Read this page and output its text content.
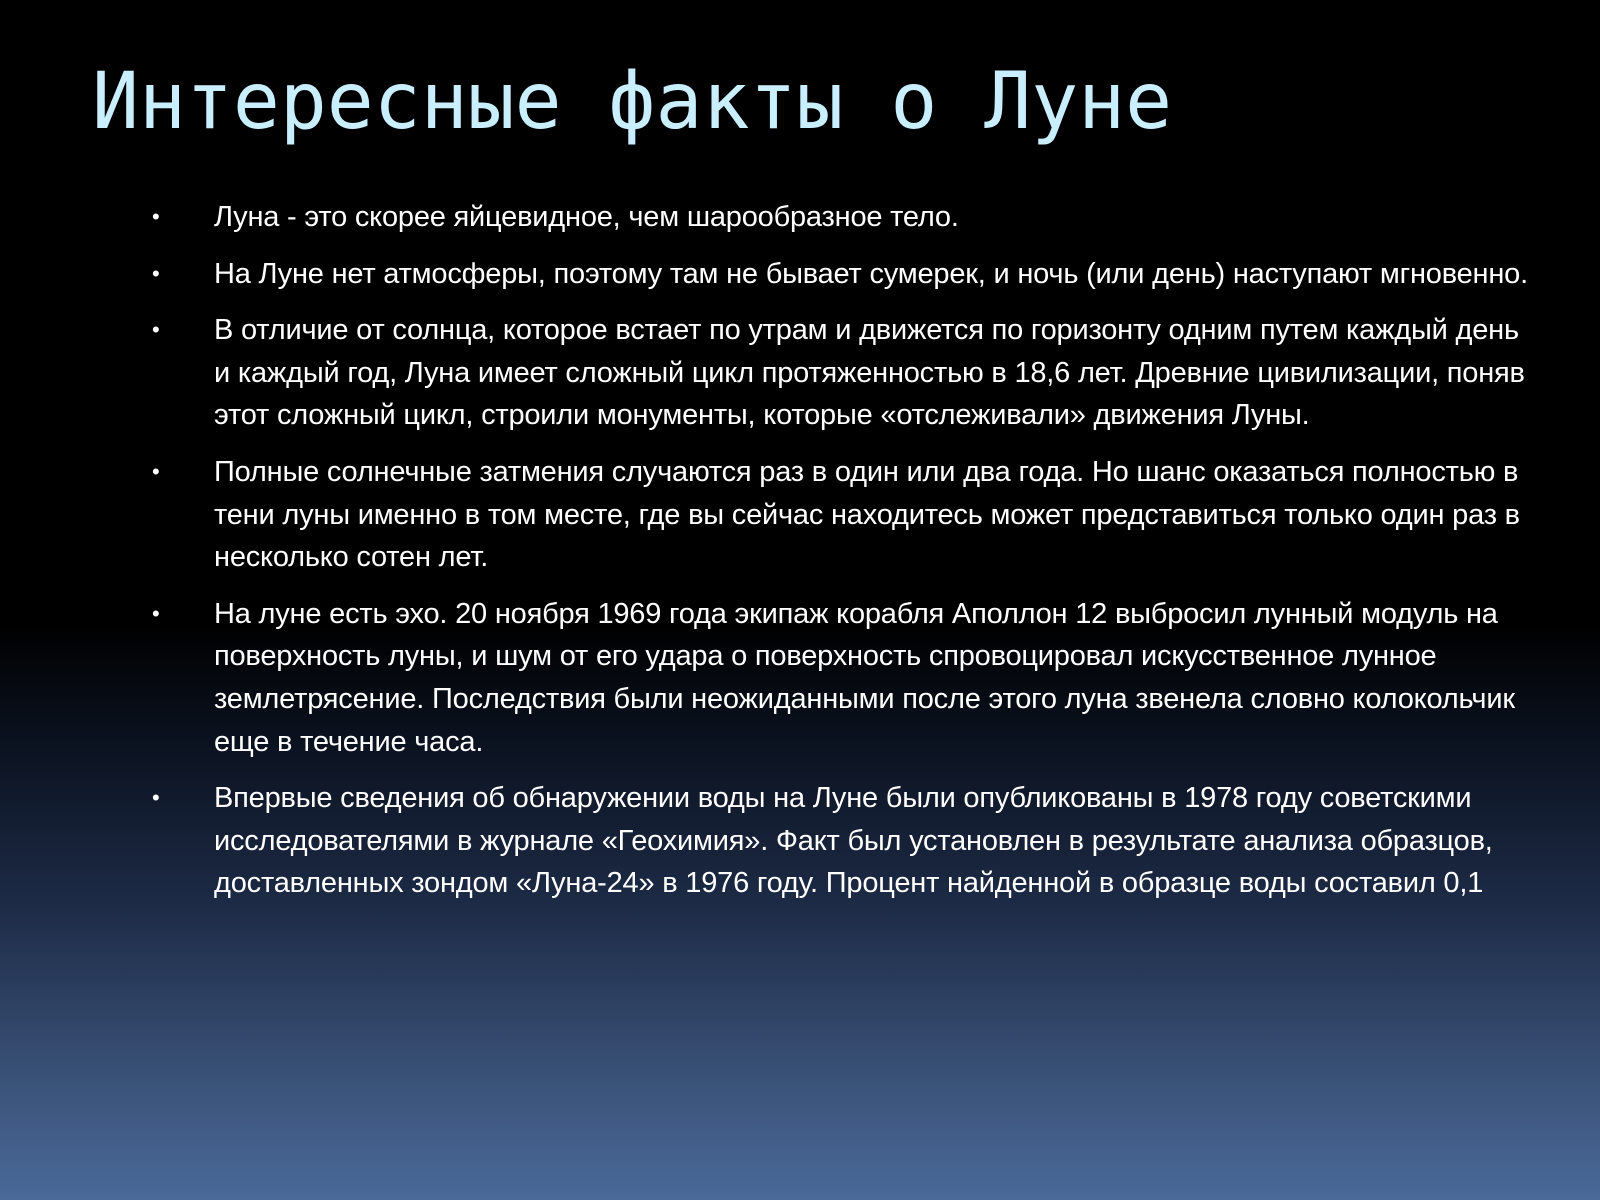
Интересные факты о Луне
• Луна - это скорее яйцевидное, чем шарообразное тело.
• На Луне нет атмосферы, поэтому там не бывает сумерек, и ночь (или день) наступают мгновенно.
• В отличие от солнца, которое встает по утрам и движется по горизонту одним путем каждый день и каждый год, Луна имеет сложный цикл протяженностью в 18,6 лет. Древние цивилизации, поняв этот сложный цикл, строили монументы, которые «отслеживали» движения Луны.
• Полные солнечные затмения случаются раз в один или два года. Но шанс оказаться полностью в тени луны именно в том месте, где вы сейчас находитесь может представиться только один раз в несколько сотен лет.
• На луне есть эхо. 20 ноября 1969 года экипаж корабля Аполлон 12 выбросил лунный модуль на поверхность луны, и шум от его удара о поверхность спровоцировал искусственное лунное землетрясение. Последствия были неожиданными после этого луна звенела словно колокольчик еще в течение часа.
• Впервые сведения об обнаружении воды на Луне были опубликованы в 1978 году советскими исследователями в журнале «Геохимия». Факт был установлен в результате анализа образцов, доставленных зондом «Луна-24» в 1976 году. Процент найденной в образце воды составил 0,1
